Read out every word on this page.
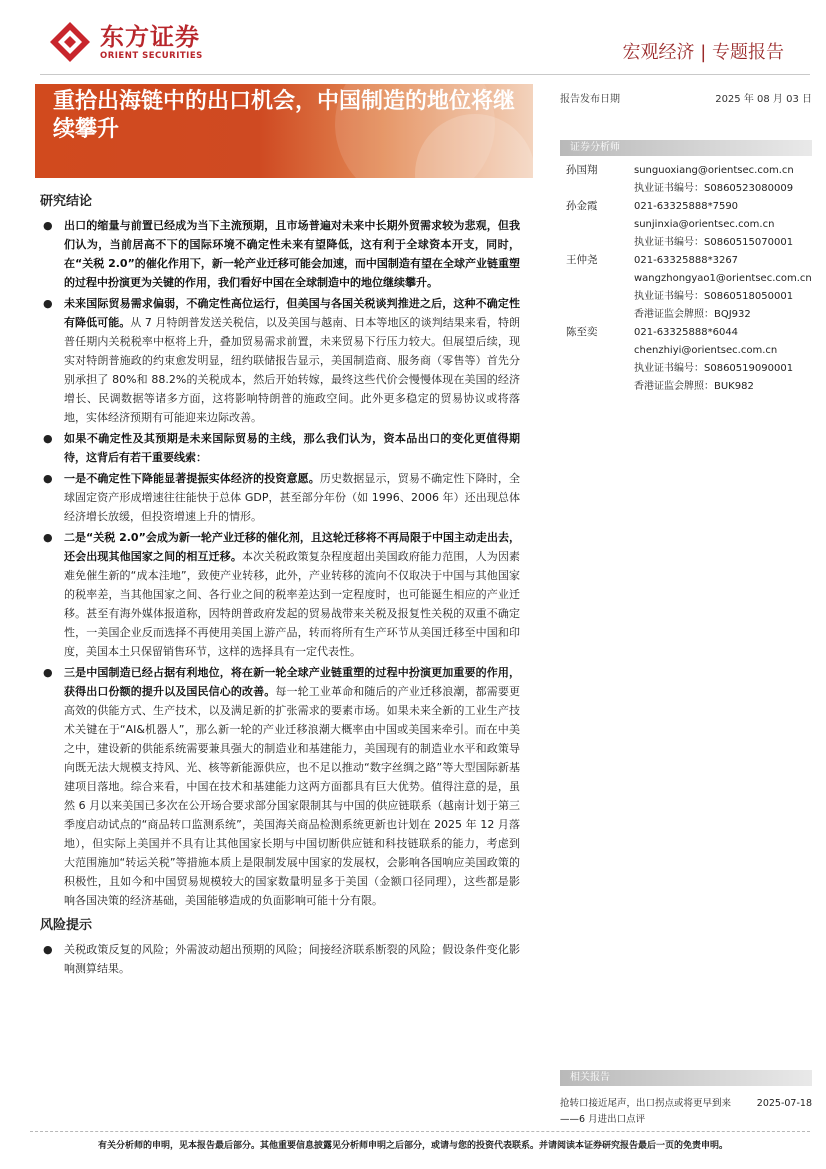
东方证券
ORIENT SECURITIES	宏观经济 | 专题报告
重拾出海链中的出口机会，中国制造的地位将继续攀升
报告发布日期	2025 年 08 月 03 日
证券分析师
孙国翔	sunguoxiang@orientsec.com.cn
执业证书编号：S0860523080009
孙金霞	021-63325888*7590
sunjinxia@orientsec.com.cn
执业证书编号：S0860515070001
王仲尧	021-63325888*3267
wangzhongyao1@orientsec.com.cn
执业证书编号：S0860518050001
香港证监会牌照：BQJ932
陈至奕	021-63325888*6044
chenzhiyi@orientsec.com.cn
执业证书编号：S0860519090001
香港证监会牌照：BUK982
研究结论
● 出口的缩量与前置已经成为当下主流预期，且市场普遍对未来中长期外贸需求较为悲观，但我们认为，当前居高不下的国际环境不确定性未来有望降低，这有利于全球资本开支，同时，在“关税 2.0”的催化作用下，新一轮产业迁移可能会加速，而中国制造有望在全球产业链重塑的过程中扮演更为关键的作用，我们看好中国在全球制造中的地位继续攀升。
● 未来国际贸易需求偏弱，不确定性高位运行，但美国与各国关税谈判推进之后，这种不确定性有降低可能。从 7 月特朗普发送关税信，以及美国与越南、日本等地区的谈判结果来看，特朗普任期内关税税率中枢将上升，叠加贸易需求前置，未来贸易下行压力较大。但展望后续，现实对特朗普施政的约束愈发明显，纽约联储报告显示，美国制造商、服务商（零售等）首先分别承担了 80%和 88.2%的关税成本，然后开始转嫁，最终这些代价会慢慢体现在美国的经济增长、民调数据等诸多方面，这将影响特朗普的施政空间。此外更多稳定的贸易协议或将落地，实体经济预期有可能迎来边际改善。
● 如果不确定性及其预期是未来国际贸易的主线，那么我们认为，资本品出口的变化更值得期待，这背后有若干重要线索：
● 一是不确定性下降能显著提振实体经济的投资意愿。历史数据显示，贸易不确定性下降时，全球固定资产形成增速往往能快于总体 GDP，甚至部分年份（如 1996、2006 年）还出现总体经济增长放缓，但投资增速上升的情形。
● 二是“关税 2.0”会成为新一轮产业迁移的催化剂，且这轮迁移将不再局限于中国主动走出去，还会出现其他国家之间的相互迁移。本次关税政策复杂程度超出美国政府能力范围，人为因素难免催生新的“成本洼地”，致使产业转移，此外，产业转移的流向不仅取决于中国与其他国家的税率差，当其他国家之间、各行业之间的税率差达到一定程度时，也可能诞生相应的产业迁移。甚至有海外媒体报道称，因特朗普政府发起的贸易战带来关税及报复性关税的双重不确定性，一美国企业反而选择不再使用美国上游产品，转而将所有生产环节从美国迁移至中国和印度，美国本土只保留销售环节，这样的选择具有一定代表性。
● 三是中国制造已经占据有利地位，将在新一轮全球产业链重塑的过程中扮演更加重要的作用，获得出口份额的提升以及国民信心的改善。每一轮工业革命和随后的产业迁移浪潮，都需要更高效的供能方式、生产技术，以及满足新的扩张需求的要素市场。如果未来全新的工业生产技术关键在于“AI&机器人”，那么新一轮的产业迁移浪潮大概率由中国或美国来牵引。而在中美之中，建设新的供能系统需要兼具强大的制造业和基建能力，美国现有的制造业水平和政策导向既无法大规模支持风、光、核等新能源供应，也不足以推动“数字丝绸之路”等大型国际新基建项目落地。综合来看，中国在技术和基建能力这两方面都具有巨大优势。值得注意的是，虽然 6 月以来美国已多次在公开场合要求部分国家限制其与中国的供应链联系（越南计划于第三季度启动试点的“商品转口监测系统”，美国海关商品检测系统更新也计划在 2025 年 12 月落地），但实际上美国并不具有让其他国家长期与中国切断供应链和科技链联系的能力，考虑到大范围施加“转运关税”等措施本质上是限制发展中国家的发展权，会影响各国响应美国政策的积极性，且如今和中国贸易规模较大的国家数量明显多于美国（金额口径同理），这些都是影响各国决策的经济基础，美国能够造成的负面影响可能十分有限。
风险提示
● 关税政策反复的风险；外需波动超出预期的风险；间接经济联系断裂的风险；假设条件变化影响测算结果。
相关报告
抢转口接近尾声，出口拐点或将更早到来	2025-07-18
——6 月进出口点评
有关分析师的申明，见本报告最后部分。其他重要信息披露见分析师申明之后部分，或请与您的投资代表联系。并请阅读本证券研究报告最后一页的免责申明。
